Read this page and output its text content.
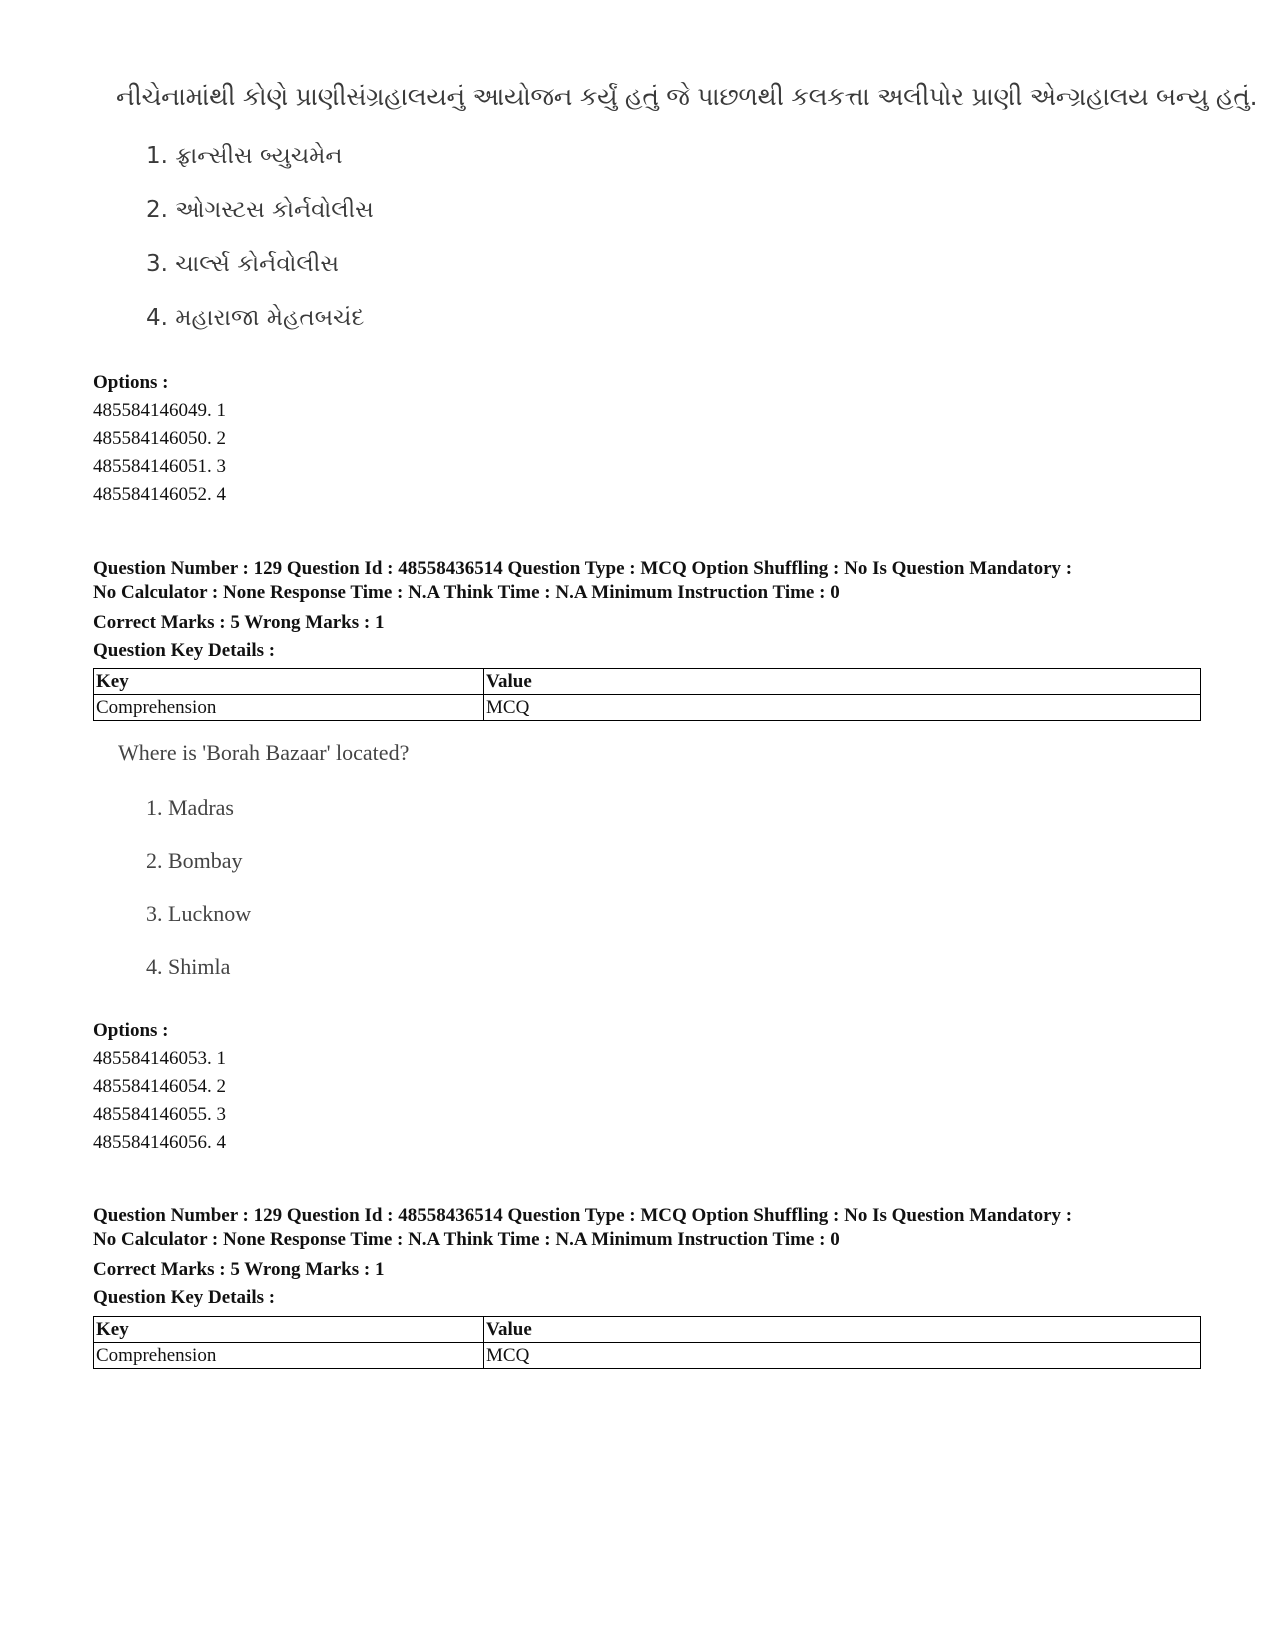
નીચેનામાંથી કોણે પ્રાણીસંગ્રહાલયનું આયોજન કર્યું હતું જે પાછળથી કલકત્તા અલીપોર પ્રાણી એન્ગ્રહાલય બન્યુ હતું.
1. ફ્રાન્સીસ બ્યુચમેન
2. ઓગસ્ટસ કોર્નવોલીસ
3. ચાર્લ્સ કોર્નવોલીસ
4. મહારાજા મેહતબચંદ
Options :
485584146049. 1
485584146050. 2
485584146051. 3
485584146052. 4
Question Number : 129 Question Id : 48558436514 Question Type : MCQ Option Shuffling : No Is Question Mandatory :
No Calculator : None Response Time : N.A Think Time : N.A Minimum Instruction Time : 0
Correct Marks : 5 Wrong Marks : 1
Question Key Details :
Key	Value
Comprehension	MCQ
Where is 'Borah Bazaar' located?
1. Madras
2. Bombay
3. Lucknow
4. Shimla
Options :
485584146053. 1
485584146054. 2
485584146055. 3
485584146056. 4
Question Number : 129 Question Id : 48558436514 Question Type : MCQ Option Shuffling : No Is Question Mandatory :
No Calculator : None Response Time : N.A Think Time : N.A Minimum Instruction Time : 0
Correct Marks : 5 Wrong Marks : 1
Question Key Details :
Key	Value
Comprehension	MCQ
